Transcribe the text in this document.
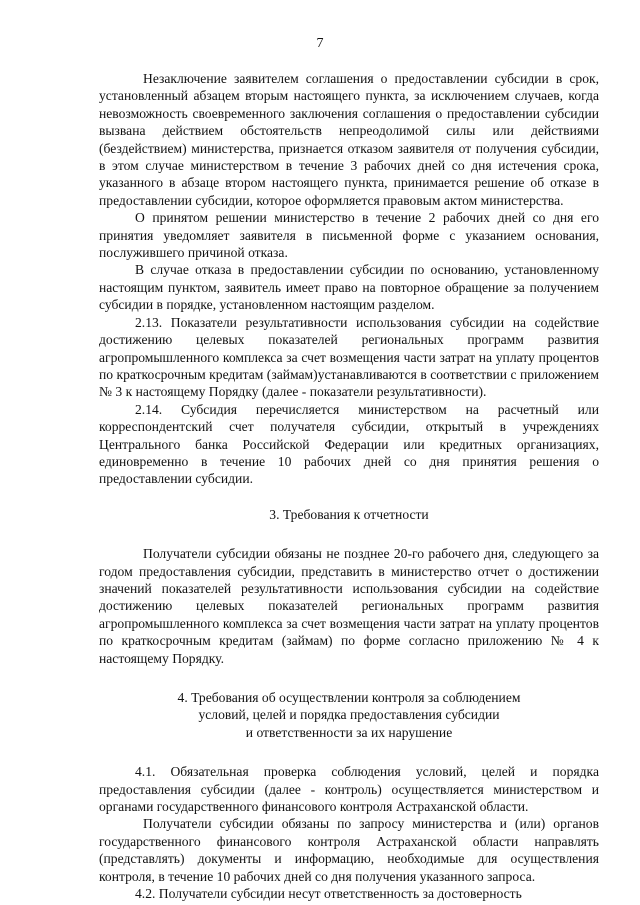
7

Незаключение заявителем соглашения о предоставлении субсидии в срок, установленный абзацем вторым настоящего пункта, за исключением случаев, когда невозможность своевременного заключения соглашения о предоставлении субсидии вызвана действием обстоятельств непреодолимой силы или действиями (бездействием) министерства, признается отказом заявителя от получения субсидии, в этом случае министерством в течение 3 рабочих дней со дня истечения срока, указанного в абзаце втором настоящего пункта, принимается решение об отказе в предоставлении субсидии, которое оформляется правовым актом министерства.

О принятом решении министерство в течение 2 рабочих дней со дня его принятия уведомляет заявителя в письменной форме с указанием основания, послужившего причиной отказа.

В случае отказа в предоставлении субсидии по основанию, установленному настоящим пунктом, заявитель имеет право на повторное обращение за получением субсидии в порядке, установленном настоящим разделом.

2.13. Показатели результативности использования субсидии на содействие достижению целевых показателей региональных программ развития агропромышленного комплекса за счет возмещения части затрат на уплату процентов по краткосрочным кредитам (займам)устанавливаются в соответствии с приложением № 3 к настоящему Порядку (далее - показатели результативности).

2.14. Субсидия перечисляется министерством на расчетный или корреспондентский счет получателя субсидии, открытый в учреждениях Центрального банка Российской Федерации или кредитных организациях, единовременно в течение 10 рабочих дней со дня принятия решения о предоставлении субсидии.

3. Требования к отчетности

Получатели субсидии обязаны не позднее 20-го рабочего дня, следующего за годом предоставления субсидии, представить в министерство отчет о достижении значений показателей результативности использования субсидии на содействие достижению целевых показателей региональных программ развития агропромышленного комплекса за счет возмещения части затрат на уплату процентов по краткосрочным кредитам (займам) по форме согласно приложению № 4 к настоящему Порядку.

4. Требования об осуществлении контроля за соблюдением

условий, целей и порядка предоставления субсидии

и ответственности за их нарушение

4.1. Обязательная проверка соблюдения условий, целей и порядка предоставления субсидии (далее - контроль) осуществляется министерством и органами государственного финансового контроля Астраханской области.

Получатели субсидии обязаны по запросу министерства и (или) органов государственного финансового контроля Астраханской области направлять (представлять) документы и информацию, необходимые для осуществления контроля, в течение 10 рабочих дней со дня получения указанного запроса.

4.2. Получатели субсидии несут ответственность за достоверность
